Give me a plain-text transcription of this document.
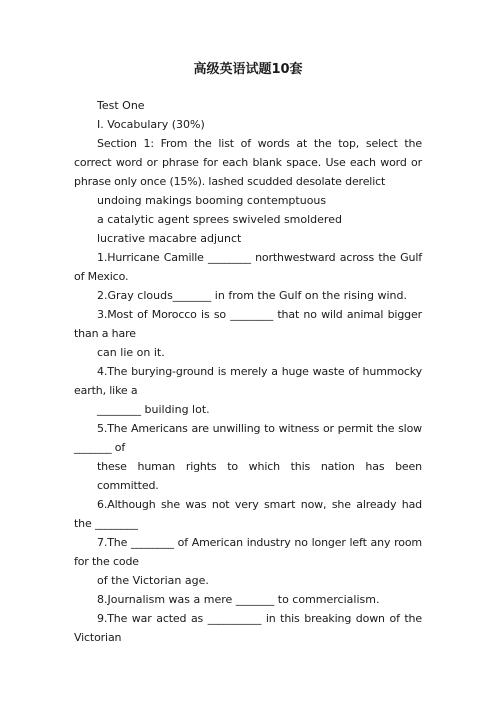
高级英语试题10套

Test One

I. Vocabulary (30%)

Section 1: From the list of words at the top, select the correct word or phrase for each blank space. Use each word or phrase only once (15%). lashed scudded desolate derelict

undoing makings booming contemptuous

a catalytic agent sprees swiveled smoldered

lucrative macabre adjunct

1.Hurricane Camille ________ northwestward across the Gulf of Mexico.

2.Gray clouds_______ in from the Gulf on the rising wind.

3.Most of Morocco is so ________ that no wild animal bigger than a hare

can lie on it.

4.The burying-ground is merely a huge waste of hummocky earth, like a

________ building lot.

5.The Americans are unwilling to witness or permit the slow _______ of

these human rights to which this nation has been committed.

6.Although she was not very smart now, she already had the ________

7.The ________ of American industry no longer left any room for the code

of the Victorian age.

8.Journalism was a mere _______ to commercialism.

9.The war acted as __________ in this breaking down of the Victorian
